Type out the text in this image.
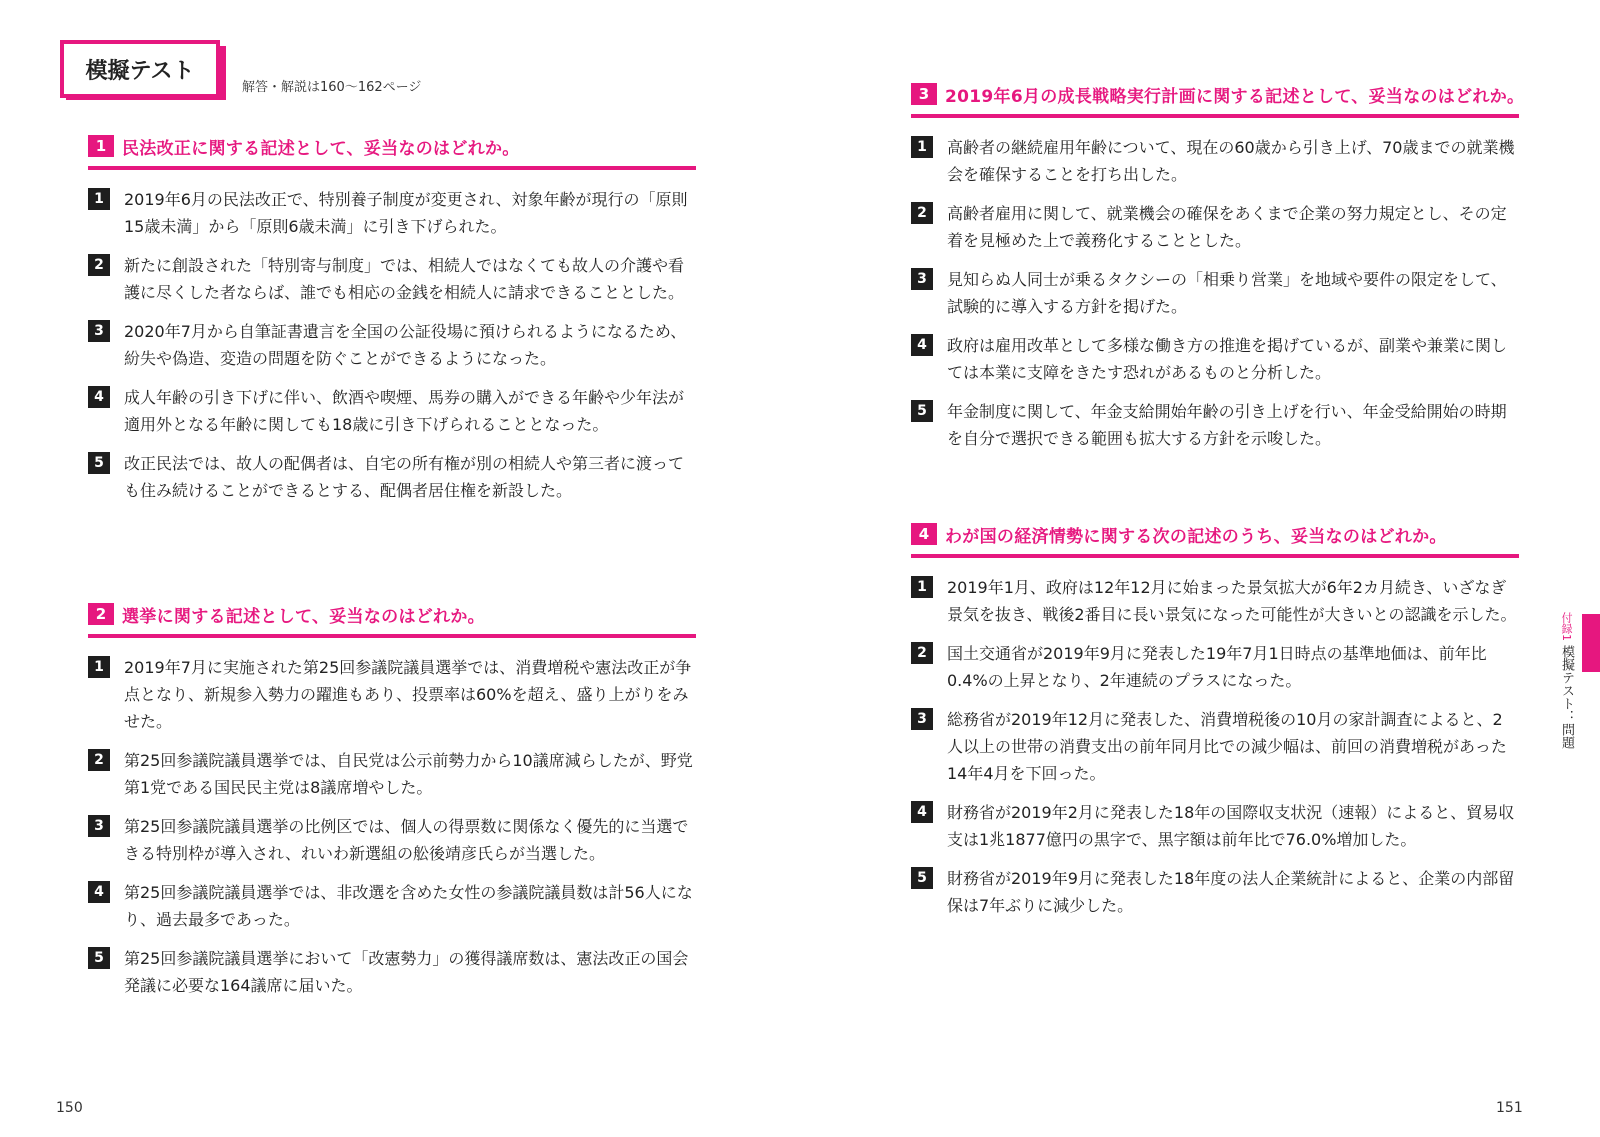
模擬テスト
解答・解説は160〜162ページ
1 民法改正に関する記述として、妥当なのはどれか。
1	2019年6月の民法改正で、特別養子制度が変更され、対象年齢が現行の「原則15歳未満」から「原則6歳未満」に引き下げられた。
2	新たに創設された「特別寄与制度」では、相続人ではなくても故人の介護や看護に尽くした者ならば、誰でも相応の金銭を相続人に請求できることとした。
3	2020年7月から自筆証書遺言を全国の公証役場に預けられるようになるため、紛失や偽造、変造の問題を防ぐことができるようになった。
4	成人年齢の引き下げに伴い、飲酒や喫煙、馬券の購入ができる年齢や少年法が適用外となる年齢に関しても18歳に引き下げられることとなった。
5	改正民法では、故人の配偶者は、自宅の所有権が別の相続人や第三者に渡っても住み続けることができるとする、配偶者居住権を新設した。
2 選挙に関する記述として、妥当なのはどれか。
1	2019年7月に実施された第25回参議院議員選挙では、消費増税や憲法改正が争点となり、新規参入勢力の躍進もあり、投票率は60%を超え、盛り上がりをみせた。
2	第25回参議院議員選挙では、自民党は公示前勢力から10議席減らしたが、野党第1党である国民民主党は8議席増やした。
3	第25回参議院議員選挙の比例区では、個人の得票数に関係なく優先的に当選できる特別枠が導入され、れいわ新選組の舩後靖彦氏らが当選した。
4	第25回参議院議員選挙では、非改選を含めた女性の参議院議員数は計56人になり、過去最多であった。
5	第25回参議院議員選挙において「改憲勢力」の獲得議席数は、憲法改正の国会発議に必要な164議席に届いた。
150
3 2019年6月の成長戦略実行計画に関する記述として、妥当なのはどれか。
1	高齢者の継続雇用年齢について、現在の60歳から引き上げ、70歳までの就業機会を確保することを打ち出した。
2	高齢者雇用に関して、就業機会の確保をあくまで企業の努力規定とし、その定着を見極めた上で義務化することとした。
3	見知らぬ人同士が乗るタクシーの「相乗り営業」を地域や要件の限定をして、試験的に導入する方針を掲げた。
4	政府は雇用改革として多様な働き方の推進を掲げているが、副業や兼業に関しては本業に支障をきたす恐れがあるものと分析した。
5	年金制度に関して、年金支給開始年齢の引き上げを行い、年金受給開始の時期を自分で選択できる範囲も拡大する方針を示唆した。
4 わが国の経済情勢に関する次の記述のうち、妥当なのはどれか。
1	2019年1月、政府は12年12月に始まった景気拡大が6年2カ月続き、いざなぎ景気を抜き、戦後2番目に長い景気になった可能性が大きいとの認識を示した。
2	国土交通省が2019年9月に発表した19年7月1日時点の基準地価は、前年比0.4%の上昇となり、2年連続のプラスになった。
3	総務省が2019年12月に発表した、消費増税後の10月の家計調査によると、2人以上の世帯の消費支出の前年同月比での減少幅は、前回の消費増税があった14年4月を下回った。
4	財務省が2019年2月に発表した18年の国際収支状況（速報）によると、貿易収支は1兆1877億円の黒字で、黒字額は前年比で76.0%増加した。
5	財務省が2019年9月に発表した18年度の法人企業統計によると、企業の内部留保は7年ぶりに減少した。
151
付録1 模擬テスト：問題
